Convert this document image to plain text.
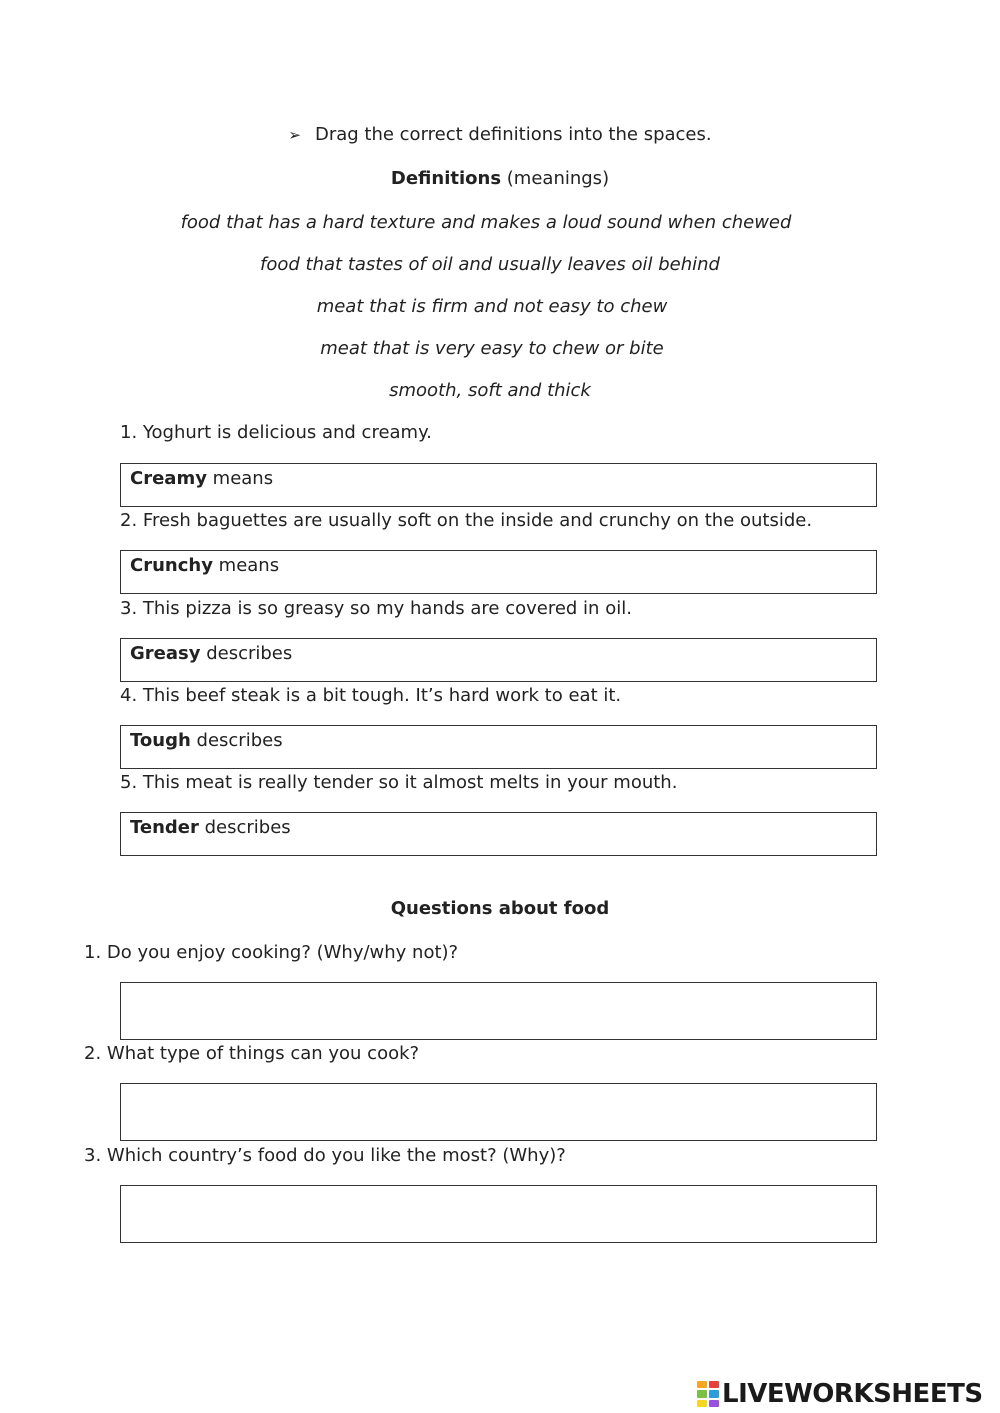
➢ Drag the correct definitions into the spaces.
Definitions (meanings)
food that has a hard texture and makes a loud sound when chewed
food that tastes of oil and usually leaves oil behind
meat that is firm and not easy to chew
meat that is very easy to chew or bite
smooth, soft and thick
1. Yoghurt is delicious and creamy.
Creamy means
2. Fresh baguettes are usually soft on the inside and crunchy on the outside.
Crunchy means
3. This pizza is so greasy so my hands are covered in oil.
Greasy describes
4. This beef steak is a bit tough. It’s hard work to eat it.
Tough describes
5. This meat is really tender so it almost melts in your mouth.
Tender describes
Questions about food
1. Do you enjoy cooking? (Why/why not)?
2. What type of things can you cook?
3. Which country’s food do you like the most? (Why)?
LIVEWORKSHEETS
